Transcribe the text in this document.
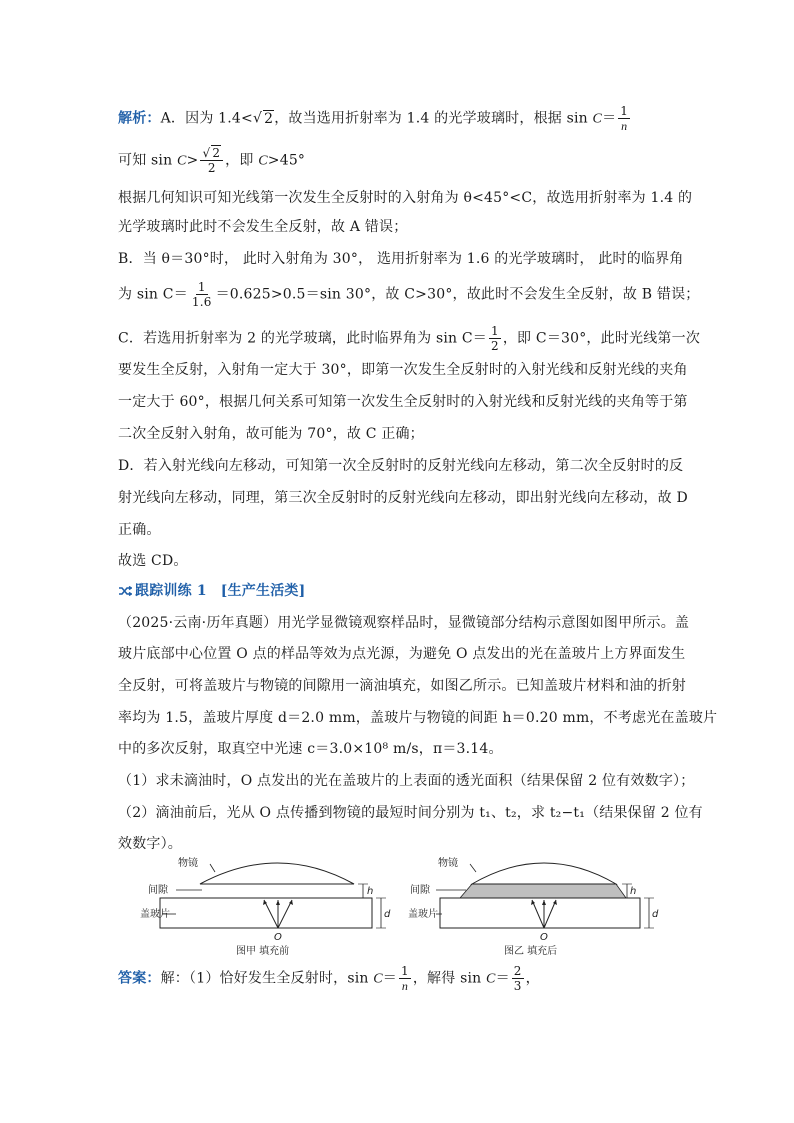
解析：A．因为 1.4<√ 2，故当选用折射率为 1.4 的光学玻璃时，根据 $\sin C= \frac{1}{n}$
可知 $\sin C> \frac{√ 2}{2}$ ，即 C>45°
根据几何知识可知光线第一次发生全反射时的入射角为 θ<45°<C，故选用折射率为 1.4 的
光学玻璃时此时不会发生全反射，故 A 错误；
B．当 θ＝30°时， 此时入射角为 30°， 选用折射率为 1.6 的光学玻璃时， 此时的临界角
为 $\sin C= \frac{1}{1.6} =0.625>0.5=\sin$ 30°，故 C>30°，故此时不会发生全反射，故 B 错误；
C．若选用折射率为 2 的光学玻璃，此时临界角为 $\sin C= \frac{1}{2}$ ，即 C＝30°，此时光线第一次
要发生全反射，入射角一定大于 30°，即第一次发生全反射时的入射光线和反射光线的夹角
一定大于 60°，根据几何关系可知第一次发生全反射时的入射光线和反射光线的夹角等于第
二次全反射入射角，故可能为 70°，故 C 正确；
D．若入射光线向左移动，可知第一次全反射时的反射光线向左移动，第二次全反射时的反
射光线向左移动，同理，第三次全反射时的反射光线向左移动，即出射光线向左移动，故 D
正确。
故选 CD。
跟踪训练 1 [生产生活类]
（2025·云南·历年真题）用光学显微镜观察样品时，显微镜部分结构示意图如图甲所示。盖
玻片底部中心位置 O 点的样品等效为点光源，为避免 O 点发出的光在盖玻片上方界面发生
全反射，可将盖玻片与物镜的间隙用一滴油填充，如图乙所示。已知盖玻片材料和油的折射
率均为 1.5，盖玻片厚度 d＝2.0 mm，盖玻片与物镜的间距 h＝0.20 mm，不考虑光在盖玻片
中的多次反射，取真空中光速 c＝3.0×10⁸ m/s，π＝3.14。
（1）求未滴油时，O 点发出的光在盖玻片的上表面的透光面积（结果保留 2 位有效数字）；
（2）滴油前后，光从 O 点传播到物镜的最短时间分别为 t₁、t₂，求 t₂−t₁（结果保留 2 位有
效数字）。
物镜
间隙
盖玻片
O
h
d
图甲 填充前
物镜
间隙
盖玻片
O
h
d
图乙 填充后
答案：解：（1）恰好发生全反射时，$\sin C= \frac{1}{n}$ ，解得 $\sin C= \frac{2}{3}$ ，
